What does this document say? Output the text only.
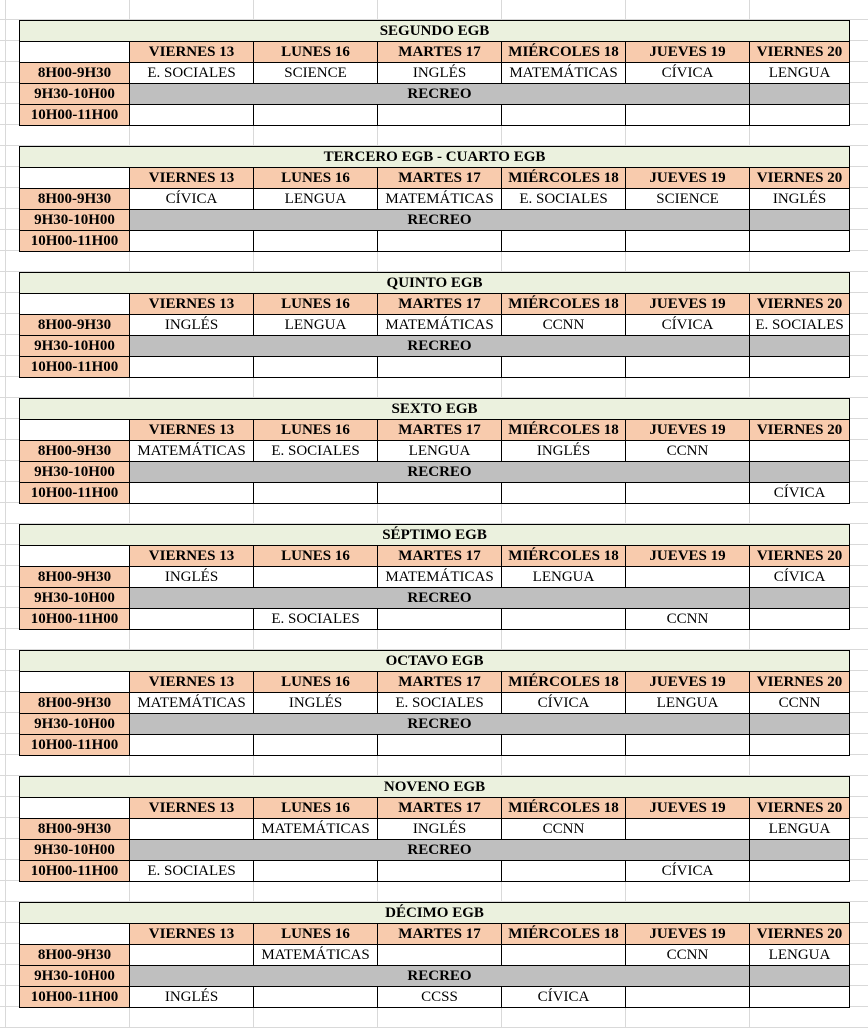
SEGUNDO EGB						
	VIERNES 13	LUNES 16	MARTES 17	MIÉRCOLES 18	JUEVES 19	VIERNES 20
8H00-9H30	E. SOCIALES	SCIENCE	INGLÉS	MATEMÁTICAS	CÍVICA	LENGUA
9H30-10H00	RECREO					
10H00-11H00						
TERCERO EGB - CUARTO EGB						
	VIERNES 13	LUNES 16	MARTES 17	MIÉRCOLES 18	JUEVES 19	VIERNES 20
8H00-9H30	CÍVICA	LENGUA	MATEMÁTICAS	E. SOCIALES	SCIENCE	INGLÉS
9H30-10H00	RECREO					
10H00-11H00						
QUINTO EGB						
	VIERNES 13	LUNES 16	MARTES 17	MIÉRCOLES 18	JUEVES 19	VIERNES 20
8H00-9H30	INGLÉS	LENGUA	MATEMÁTICAS	CCNN	CÍVICA	E. SOCIALES
9H30-10H00	RECREO					
10H00-11H00						
SEXTO EGB						
	VIERNES 13	LUNES 16	MARTES 17	MIÉRCOLES 18	JUEVES 19	VIERNES 20
8H00-9H30	MATEMÁTICAS	E. SOCIALES	LENGUA	INGLÉS	CCNN	
9H30-10H00	RECREO					
10H00-11H00						CÍVICA
SÉPTIMO EGB						
	VIERNES 13	LUNES 16	MARTES 17	MIÉRCOLES 18	JUEVES 19	VIERNES 20
8H00-9H30	INGLÉS		MATEMÁTICAS	LENGUA		CÍVICA
9H30-10H00	RECREO					
10H00-11H00		E. SOCIALES			CCNN	
OCTAVO EGB						
	VIERNES 13	LUNES 16	MARTES 17	MIÉRCOLES 18	JUEVES 19	VIERNES 20
8H00-9H30	MATEMÁTICAS	INGLÉS	E. SOCIALES	CÍVICA	LENGUA	CCNN
9H30-10H00	RECREO					
10H00-11H00						
NOVENO EGB						
	VIERNES 13	LUNES 16	MARTES 17	MIÉRCOLES 18	JUEVES 19	VIERNES 20
8H00-9H30		MATEMÁTICAS	INGLÉS	CCNN		LENGUA
9H30-10H00	RECREO					
10H00-11H00	E. SOCIALES				CÍVICA	
DÉCIMO EGB						
	VIERNES 13	LUNES 16	MARTES 17	MIÉRCOLES 18	JUEVES 19	VIERNES 20
8H00-9H30		MATEMÁTICAS			CCNN	LENGUA
9H30-10H00	RECREO					
10H00-11H00	INGLÉS		CCSS	CÍVICA		
